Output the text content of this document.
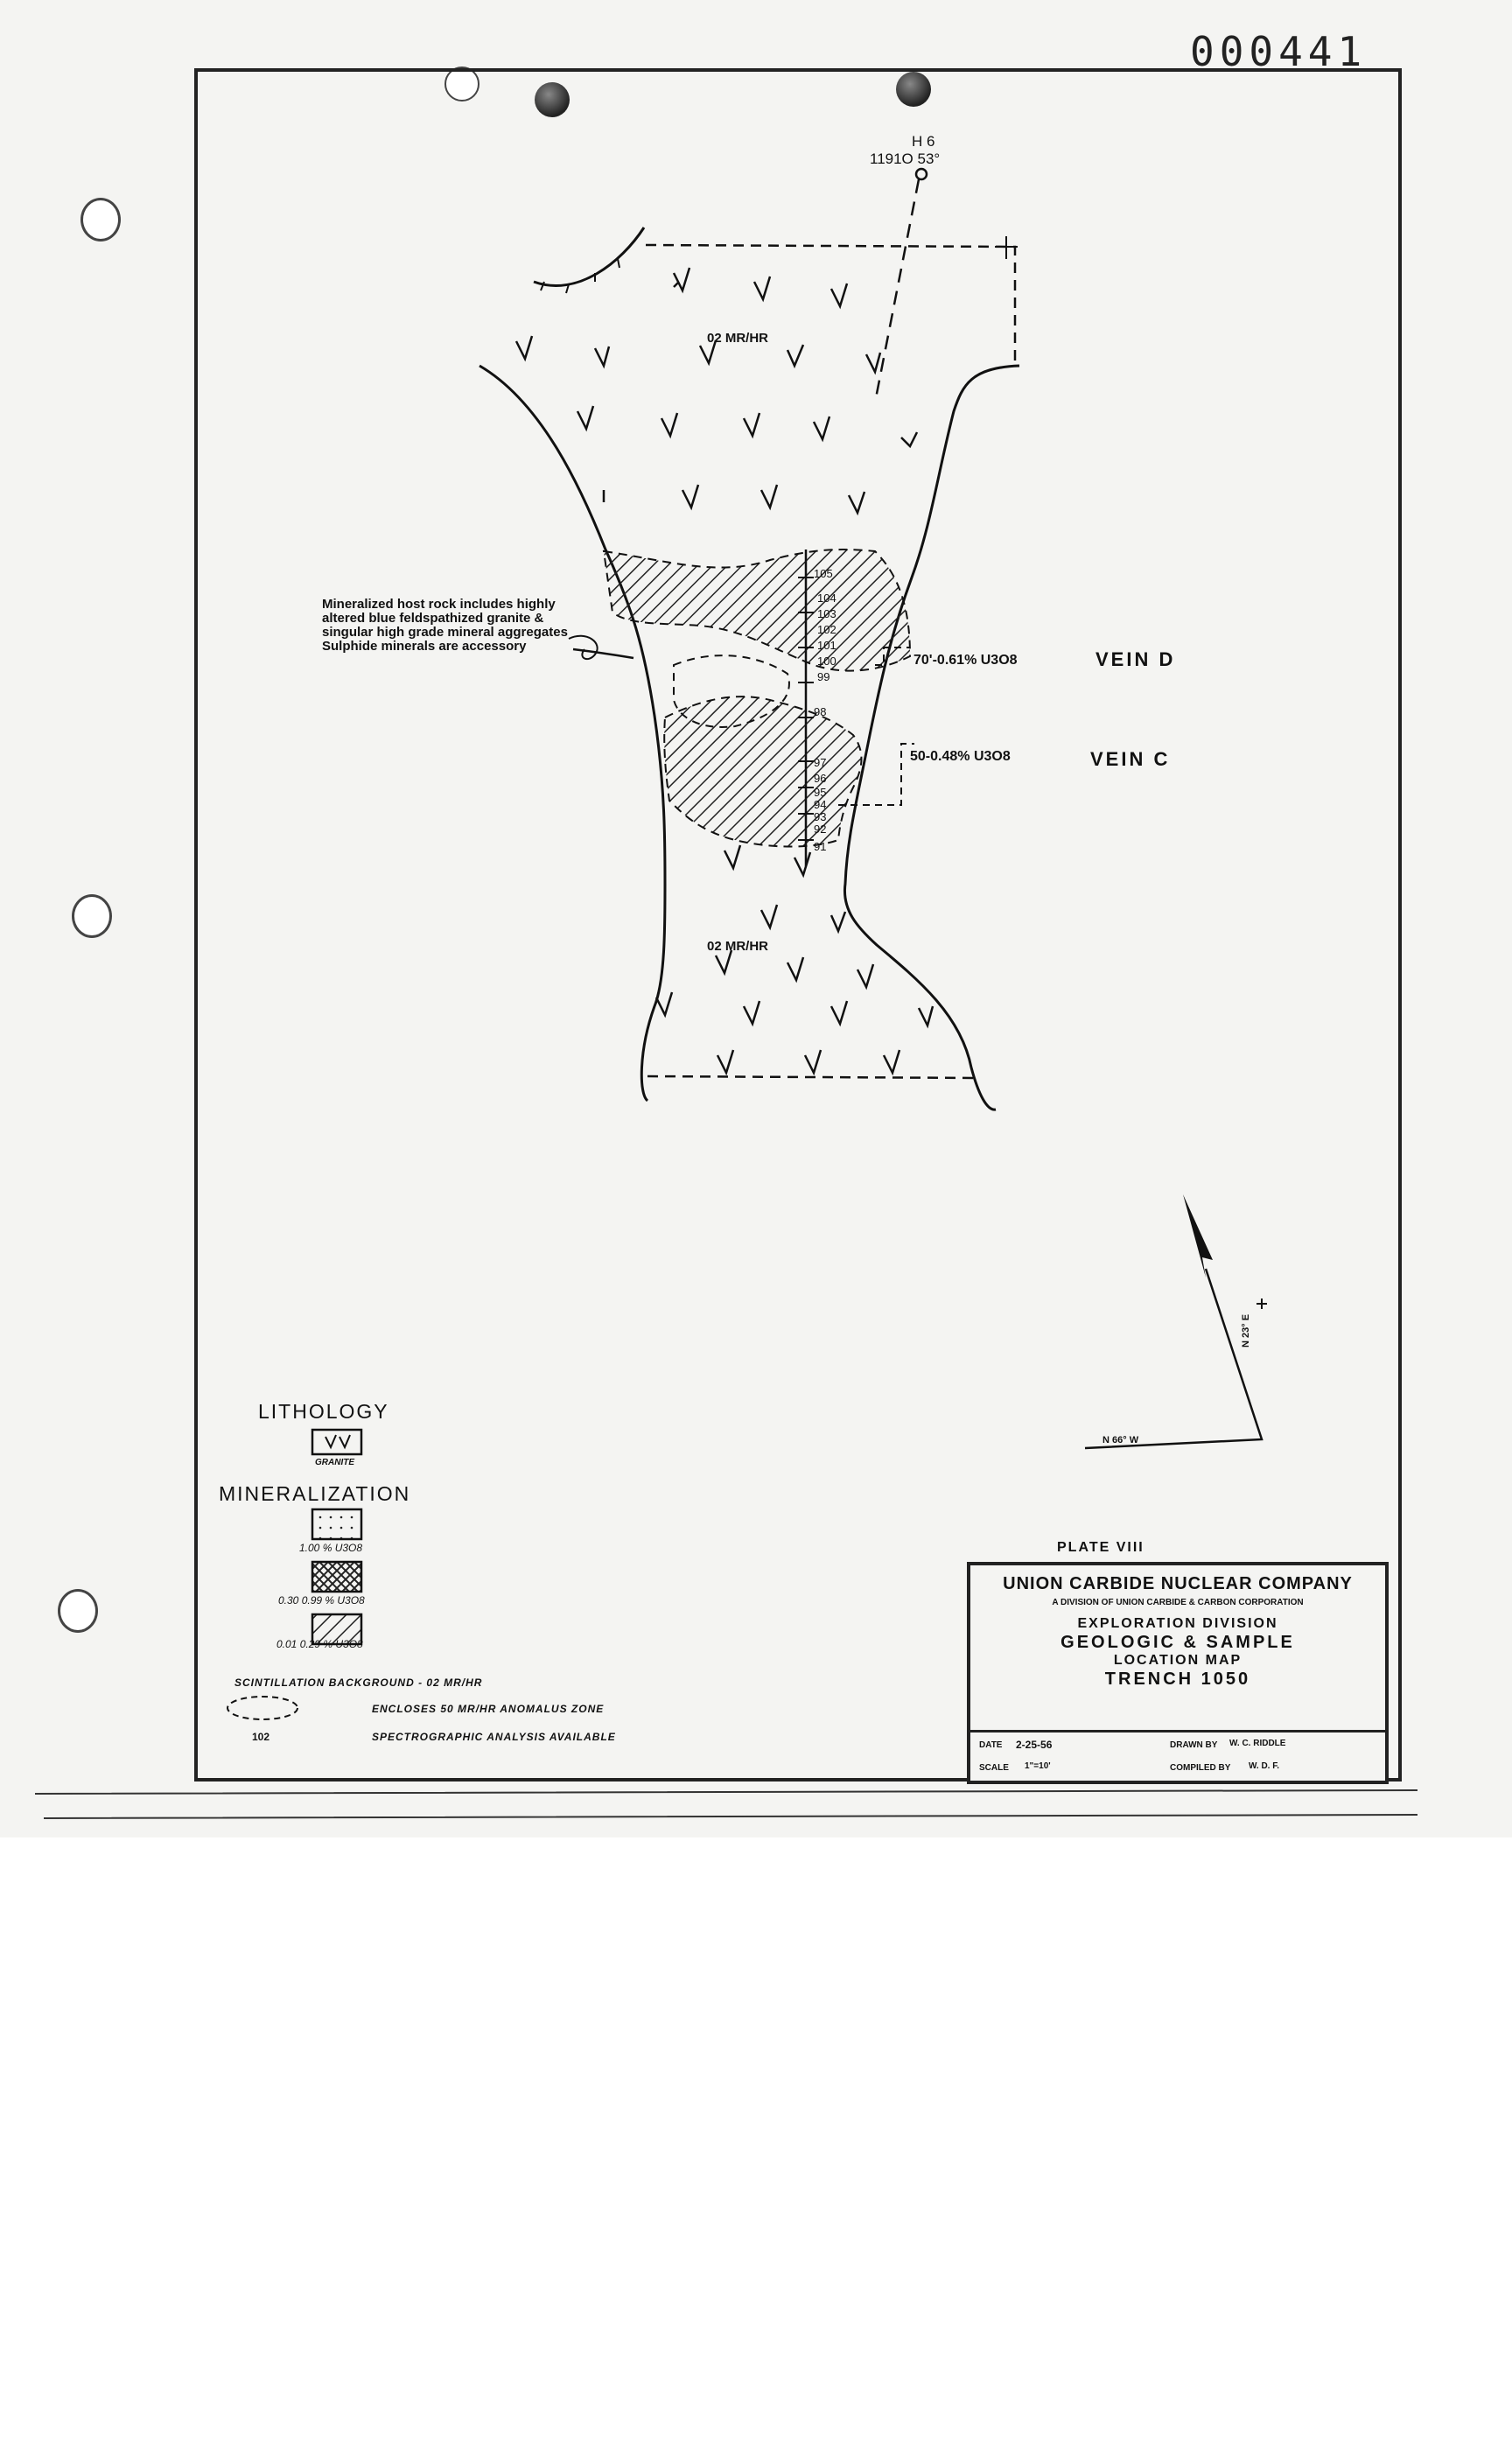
000441
H 6
1191O 53°
02 MR/HR
02 MR/HR
Mineralized host rock includes highly altered blue feldspathized granite & singular high grade mineral aggregates Sulphide minerals are accessory
105
104
103
102
101
100
99
98
97
96
95
94
93
92
91
70'-0.61% U3O8	VEIN D
50-0.48% U3O8	VEIN C
N 23° E
N 66° W
LITHOLOGY
GRANITE
MINERALIZATION
1.00 % U3O8
0.30 0.99 % U3O8
0.01 0.29 % U3O8
SCINTILLATION BACKGROUND - 02 MR/HR
ENCLOSES 50 MR/HR ANOMALUS ZONE
102	SPECTROGRAPHIC ANALYSIS AVAILABLE
PLATE VIII
UNION CARBIDE NUCLEAR COMPANY
A DIVISION OF UNION CARBIDE & CARBON CORPORATION
EXPLORATION DIVISION
GEOLOGIC & SAMPLE
LOCATION MAP
TRENCH 1050
DATE 2-25-56	DRAWN BY W. C. RIDDLE
SCALE 1"=10'	COMPILED BY W. D. F.
